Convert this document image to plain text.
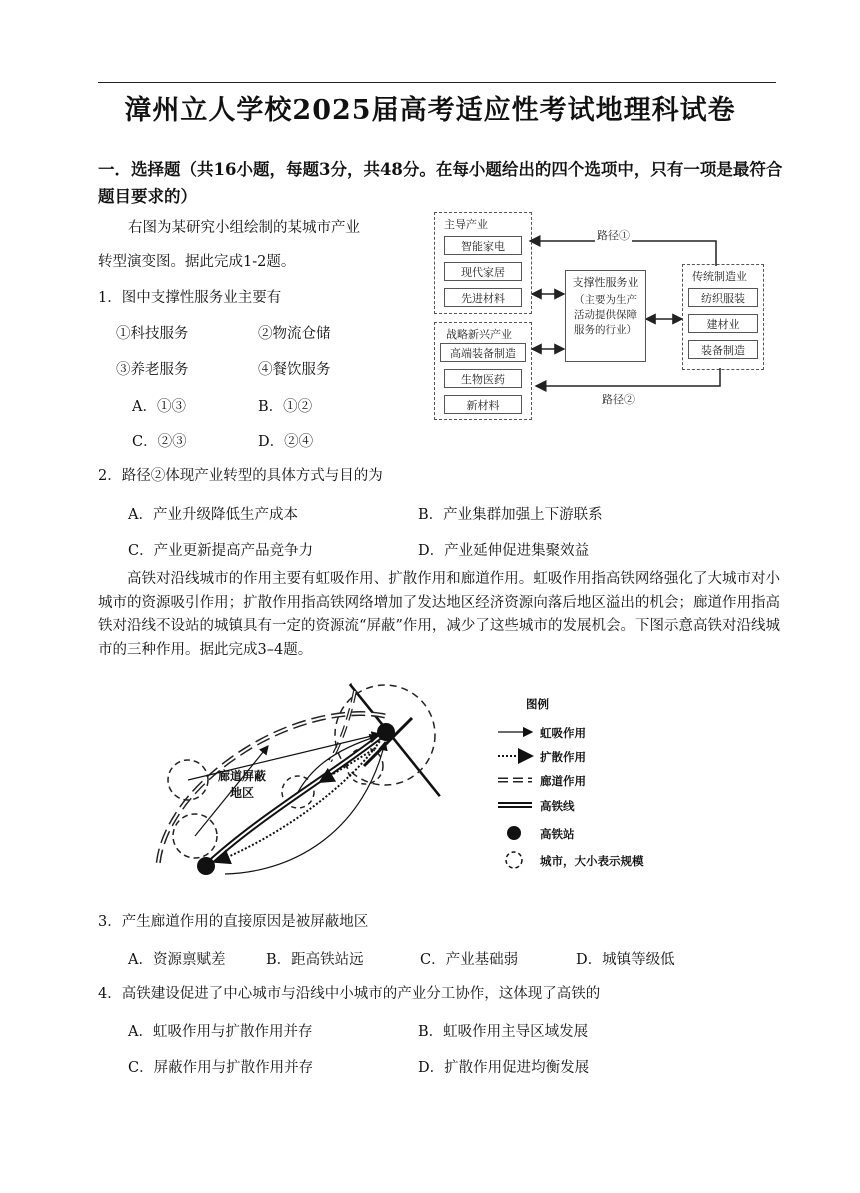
漳州立人学校2025届高考适应性考试地理科试卷
一．选择题（共16小题，每题3分，共48分。在每小题给出的四个选项中，只有一项是最符合题目要求的）
右图为某研究小组绘制的某城市产业
转型演变图。据此完成1-2题。
1．图中支撑性服务业主要有
①科技服务	②物流仓储
③养老服务	④餐饮服务
A．①③	B．①②
C．②③	D．②④
2．路径②体现产业转型的具体方式与目的为
A．产业升级降低生产成本	B．产业集群加强上下游联系
C．产业更新提高产品竞争力	D．产业延伸促进集聚效益
主导产业
智能家电
现代家居
先进材料
战略新兴产业
高端装备制造
生物医药
新材料
支撑性服务业
（主要为生产活动提供保障服务的行业）
传统制造业
纺织服装
建材业
装备制造
路径①
路径②
高铁对沿线城市的作用主要有虹吸作用、扩散作用和廊道作用。虹吸作用指高铁网络强化了大城市对小城市的资源吸引作用；扩散作用指高铁网络增加了发达地区经济资源向落后地区溢出的机会；廊道作用指高铁对沿线不设站的城镇具有一定的资源流“屏蔽”作用，减少了这些城市的发展机会。下图示意高铁对沿线城市的三种作用。据此完成3–4题。
廊道屏蔽
地区
图例
虹吸作用
扩散作用
廊道作用
高铁线
高铁站
城市，大小表示规模
3．产生廊道作用的直接原因是被屏蔽地区
A．资源禀赋差	B．距高铁站远	C．产业基础弱	D．城镇等级低
4．高铁建设促进了中心城市与沿线中小城市的产业分工协作，这体现了高铁的
A．虹吸作用与扩散作用并存	B．虹吸作用主导区域发展
C．屏蔽作用与扩散作用并存	D．扩散作用促进均衡发展
